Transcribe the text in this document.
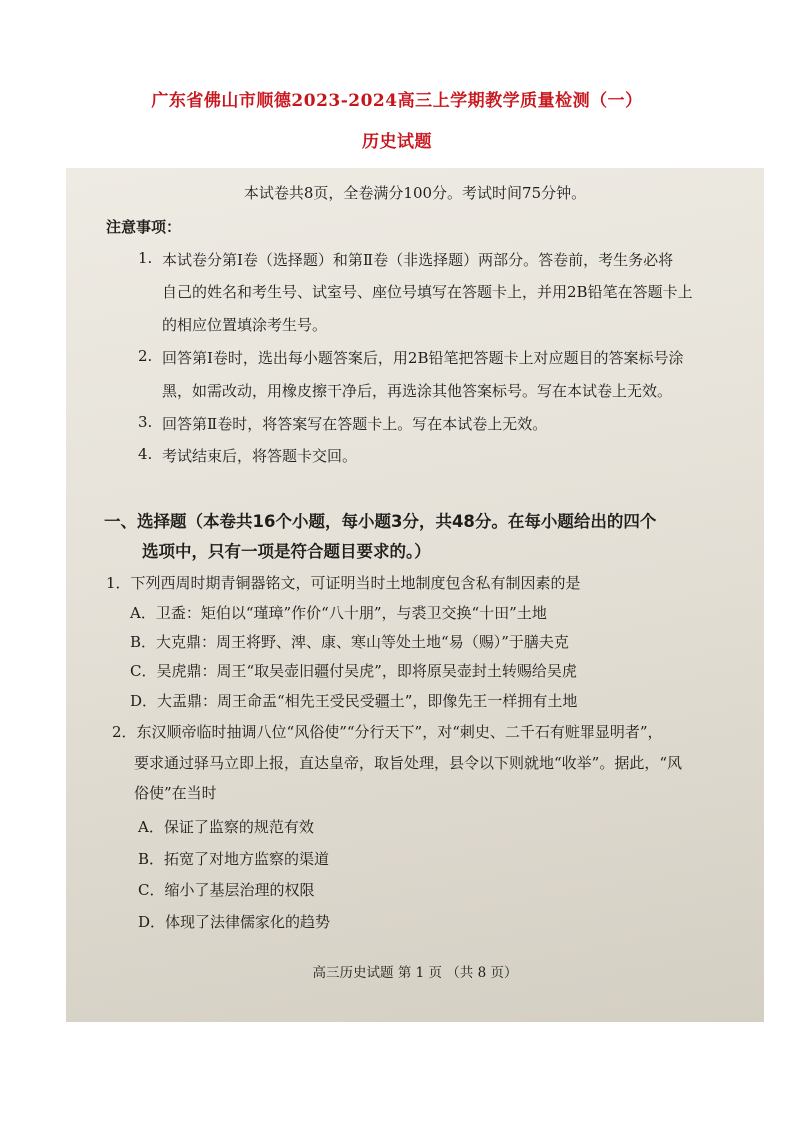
广东省佛山市顺德2023-2024高三上学期教学质量检测（一）
历史试题
本试卷共8页，全卷满分100分。考试时间75分钟。
注意事项：
1. 本试卷分第Ⅰ卷（选择题）和第Ⅱ卷（非选择题）两部分。答卷前，考生务必将
自己的姓名和考生号、试室号、座位号填写在答题卡上，并用2B铅笔在答题卡上
的相应位置填涂考生号。
2. 回答第Ⅰ卷时，选出每小题答案后，用2B铅笔把答题卡上对应题目的答案标号涂
黑，如需改动，用橡皮擦干净后，再选涂其他答案标号。写在本试卷上无效。
3. 回答第Ⅱ卷时，将答案写在答题卡上。写在本试卷上无效。
4. 考试结束后，将答题卡交回。
一、选择题（本卷共16个小题，每小题3分，共48分。在每小题给出的四个
选项中，只有一项是符合题目要求的。）
1．下列西周时期青铜器铭文，可证明当时土地制度包含私有制因素的是
A．卫盉：矩伯以“瑾璋”作价“八十朋”，与裘卫交换“十田”土地
B．大克鼎：周王将野、渒、康、寒山等处土地“易（赐）”于膳夫克
C．吴虎鼎：周王“取吴壶旧疆付吴虎”，即将原吴壶封土转赐给吴虎
D．大盂鼎：周王命盂“相先王受民受疆土”，即像先王一样拥有土地
2．东汉顺帝临时抽调八位“风俗使”“分行天下”，对“刺史、二千石有赃罪显明者”，
要求通过驿马立即上报，直达皇帝，取旨处理，县令以下则就地“收举”。据此，“风
俗使”在当时
A．保证了监察的规范有效
B．拓宽了对地方监察的渠道
C．缩小了基层治理的权限
D．体现了法律儒家化的趋势
高三历史试题 第 1 页 （共 8 页）
